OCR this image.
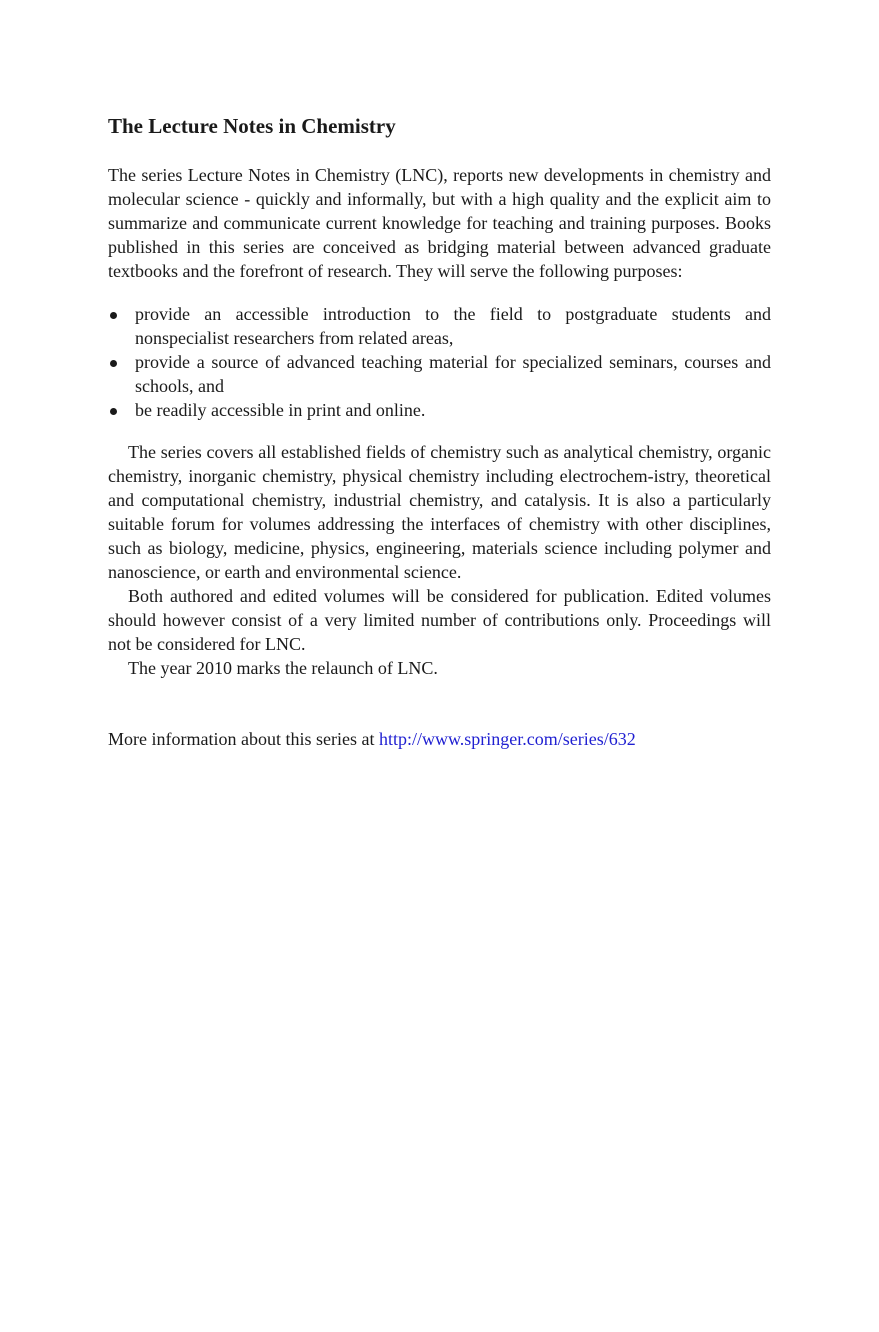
The Lecture Notes in Chemistry

The series Lecture Notes in Chemistry (LNC), reports new developments in chemistry and molecular science - quickly and informally, but with a high quality and the explicit aim to summarize and communicate current knowledge for teaching and training purposes. Books published in this series are conceived as bridging material between advanced graduate textbooks and the forefront of research. They will serve the following purposes:

provide an accessible introduction to the field to postgraduate students and nonspecialist researchers from related areas,
provide a source of advanced teaching material for specialized seminars, courses and schools, and
be readily accessible in print and online.

The series covers all established fields of chemistry such as analytical chemistry, organic chemistry, inorganic chemistry, physical chemistry including electrochem-istry, theoretical and computational chemistry, industrial chemistry, and catalysis. It is also a particularly suitable forum for volumes addressing the interfaces of chemistry with other disciplines, such as biology, medicine, physics, engineering, materials science including polymer and nanoscience, or earth and environmental science.

Both authored and edited volumes will be considered for publication. Edited volumes should however consist of a very limited number of contributions only. Proceedings will not be considered for LNC.

The year 2010 marks the relaunch of LNC.

More information about this series at http://www.springer.com/series/632
